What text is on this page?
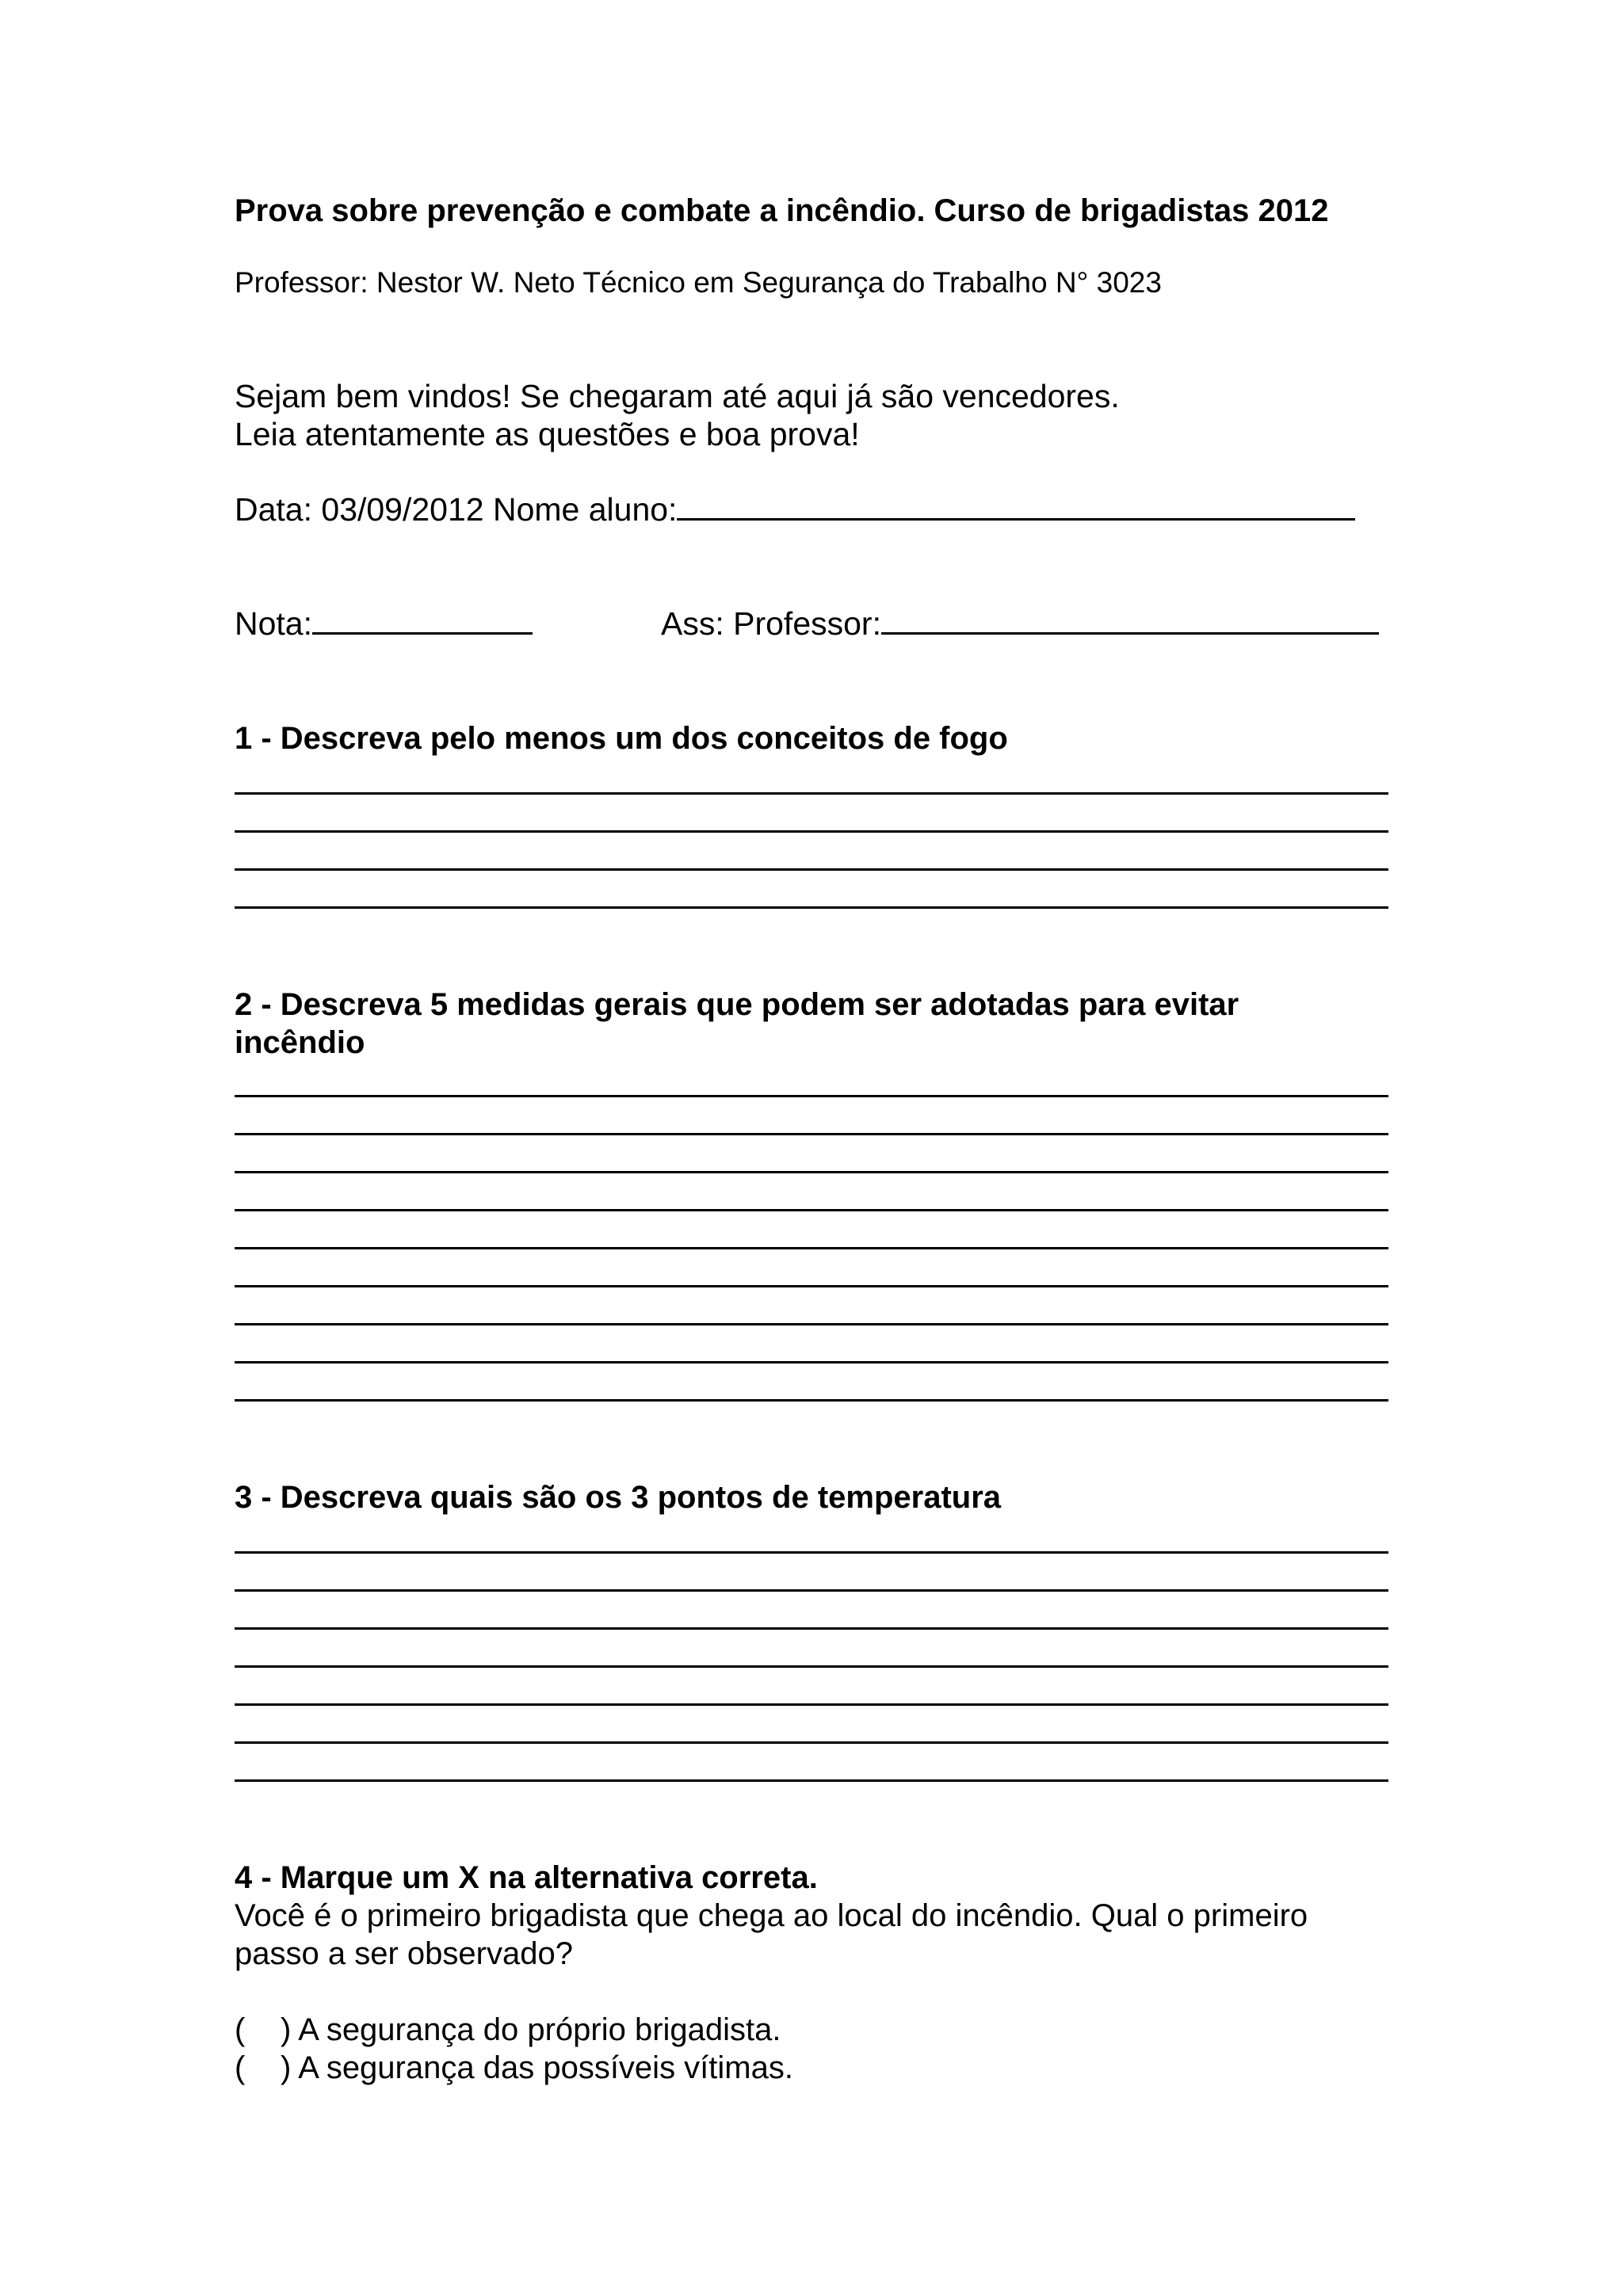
Prova sobre prevenção e combate a incêndio. Curso de brigadistas 2012
Professor: Nestor W. Neto Técnico em Segurança do Trabalho N° 3023
Sejam bem vindos! Se chegaram até aqui já são vencedores.
Leia atentamente as questões e boa prova!
Data: 03/09/2012 Nome aluno:
Nota:	Ass: Professor:
1 - Descreva pelo menos um dos conceitos de fogo
2 - Descreva 5 medidas gerais que podem ser adotadas para evitar
incêndio
3 - Descreva quais são os 3 pontos de temperatura
4 - Marque um X na alternativa correta.
Você é o primeiro brigadista que chega ao local do incêndio. Qual o primeiro
passo a ser observado?
( ) A segurança do próprio brigadista.
( ) A segurança das possíveis vítimas.
